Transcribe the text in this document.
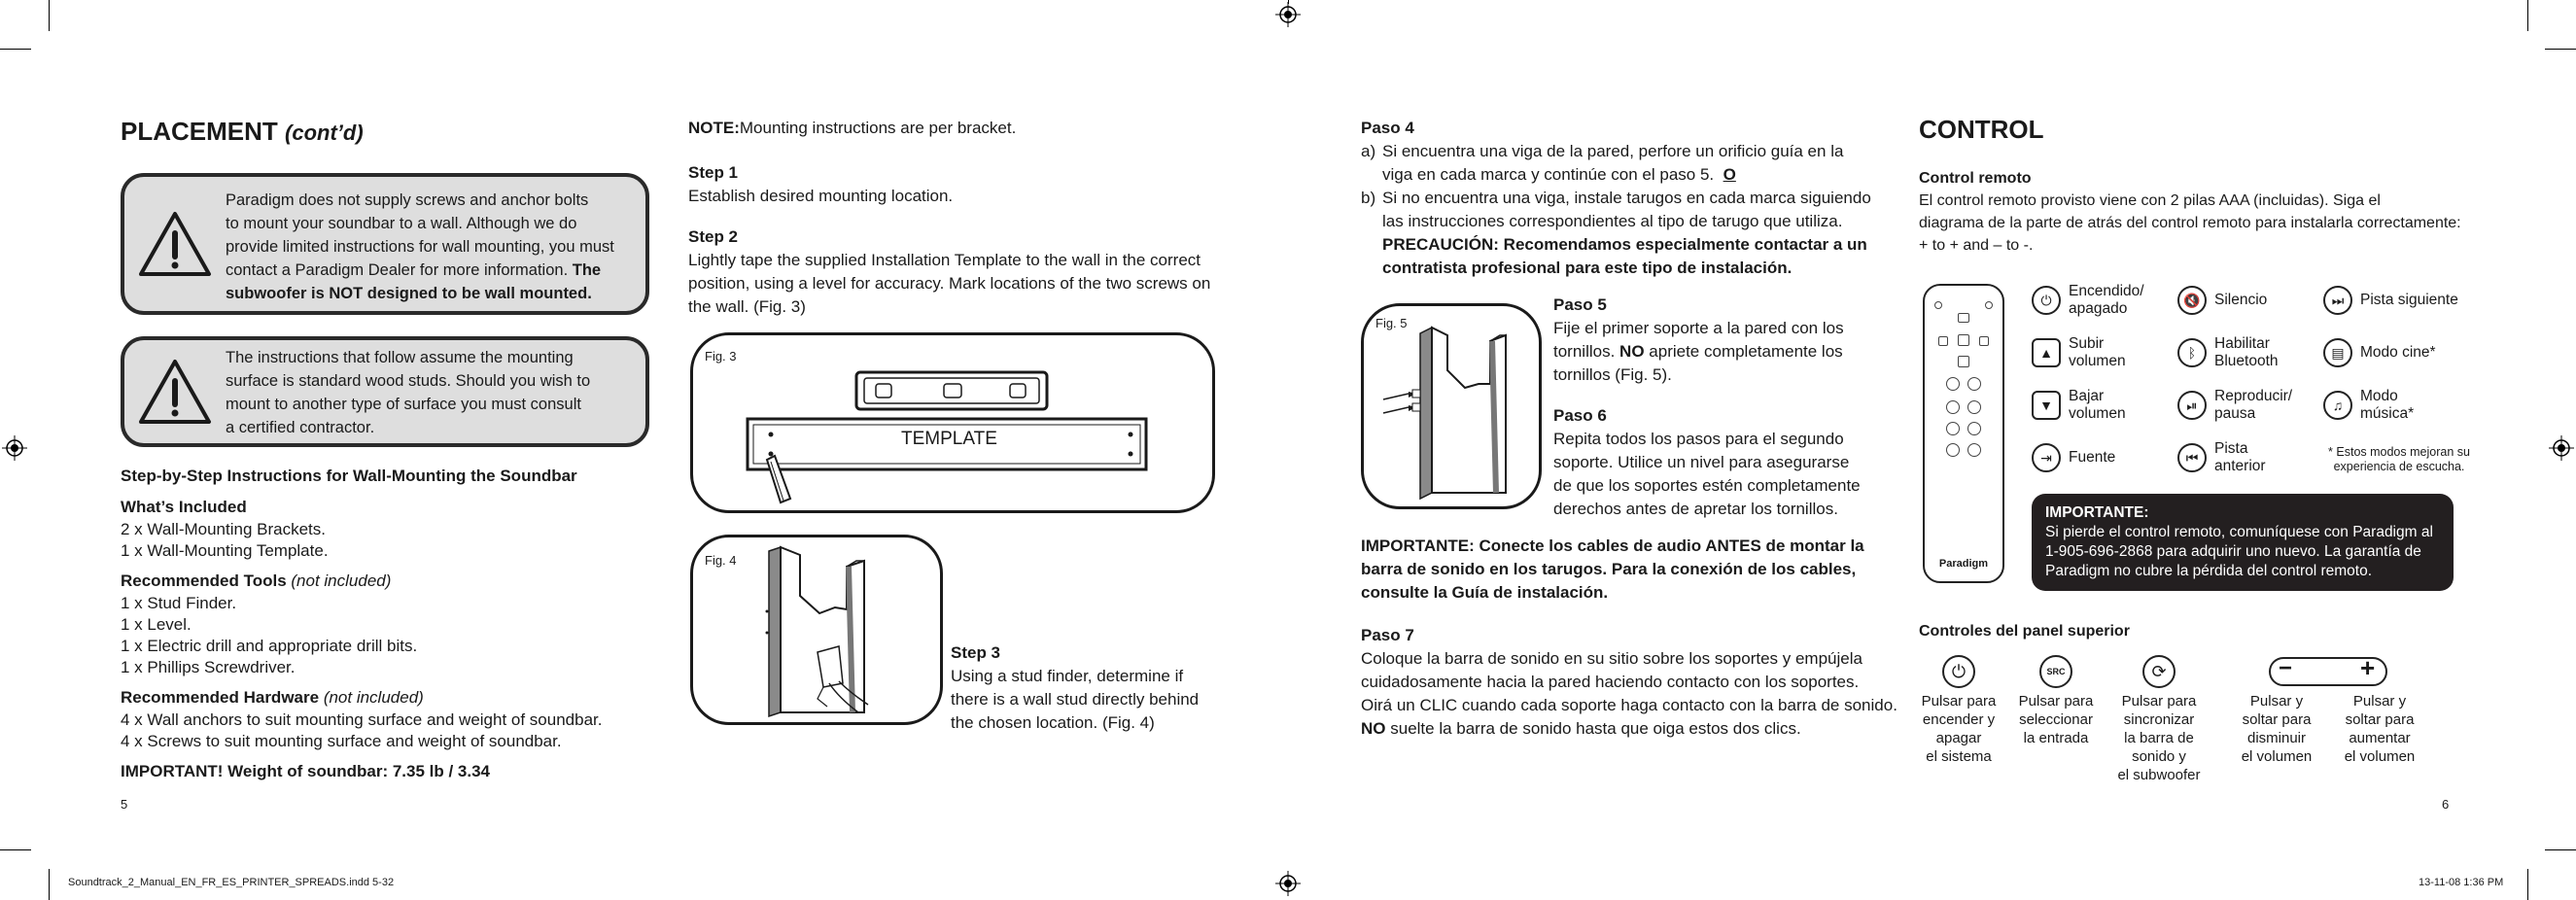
PLACEMENT (cont’d)
Paradigm does not supply screws and anchor bolts
to mount your soundbar to a wall. Although we do
provide limited instructions for wall mounting, you must
contact a Paradigm Dealer for more information. The
subwoofer is NOT designed to be wall mounted.
The instructions that follow assume the mounting
surface is standard wood studs. Should you wish to
mount to another type of surface you must consult
a certified contractor.
Step-by-Step Instructions for Wall-Mounting the Soundbar
What’s Included
2 x Wall-Mounting Brackets.
1 x Wall-Mounting Template.
Recommended Tools (not included)
1 x Stud Finder.
1 x Level.
1 x Electric drill and appropriate drill bits.
1 x Phillips Screwdriver.
Recommended Hardware (not included)
4 x Wall anchors to suit mounting surface and weight of soundbar.
4 x Screws to suit mounting surface and weight of soundbar.
IMPORTANT! Weight of soundbar: 7.35 lb / 3.34
5
NOTE:Mounting instructions are per bracket.
Step 1
Establish desired mounting location.
Step 2
Lightly tape the supplied Installation Template to the wall in the correct
position, using a level for accuracy. Mark locations of the two screws on
the wall. (Fig. 3)
Fig. 3
TEMPLATE
Fig. 4
Step 3
Using a stud finder, determine if
there is a wall stud directly behind
the chosen location. (Fig. 4)
Paso 4
a) Si encuentra una viga de la pared, perfore un orificio guía en la
viga en cada marca y continúe con el paso 5. O
b) Si no encuentra una viga, instale tarugos en cada marca siguiendo
las instrucciones correspondientes al tipo de tarugo que utiliza.
PRECAUCIÓN: Recomendamos especialmente contactar a un
contratista profesional para este tipo de instalación.
Fig. 5
Paso 5
Fije el primer soporte a la pared con los
tornillos. NO apriete completamente los
tornillos (Fig. 5).
Paso 6
Repita todos los pasos para el segundo
soporte. Utilice un nivel para asegurarse
de que los soportes estén completamente
derechos antes de apretar los tornillos.
IMPORTANTE: Conecte los cables de audio ANTES de montar la
barra de sonido en los tarugos. Para la conexión de los cables,
consulte la Guía de instalación.
Paso 7
Coloque la barra de sonido en su sitio sobre los soportes y empújela
cuidadosamente hacia la pared haciendo contacto con los soportes.
Oirá un CLIC cuando cada soporte haga contacto con la barra de sonido.
NO suelte la barra de sonido hasta que oiga estos dos clics.
CONTROL
Control remoto
El control remoto provisto viene con 2 pilas AAA (incluidas). Siga el
diagrama de la parte de atrás del control remoto para instalarla correctamente:
+ to + and – to -.
Paradigm
⏻
Encendido/
apagado
🔇 Silencio	⏭	Pista siguiente
▲
Subir
volumen	ᛒ
Habilitar
Bluetooth
▤	Modo cine*
▼
Bajar
volumen
⏯
Reproducir/
pausa	♫
Modo
música*
⇥	Fuente	⏮
Pista
anterior
* Estos modos mejoran su
experiencia de escucha.
IMPORTANTE:
Si pierde el control remoto, comuníquese con Paradigm al
1-905-696-2868 para adquirir uno nuevo. La garantía de
Paradigm no cubre la pérdida del control remoto.
Controles del panel superior
⏻	SRC	⟳	−	+
Pulsar para
encender y
apagar
el sistema
Pulsar para
seleccionar
la entrada
Pulsar para
sincronizar
la barra de
sonido y
el subwoofer
Pulsar y
soltar para
disminuir
el volumen
Pulsar y
soltar para
aumentar
el volumen
6
Soundtrack_2_Manual_EN_FR_ES_PRINTER_SPREADS.indd 5-32	13-11-08 1:36 PM
